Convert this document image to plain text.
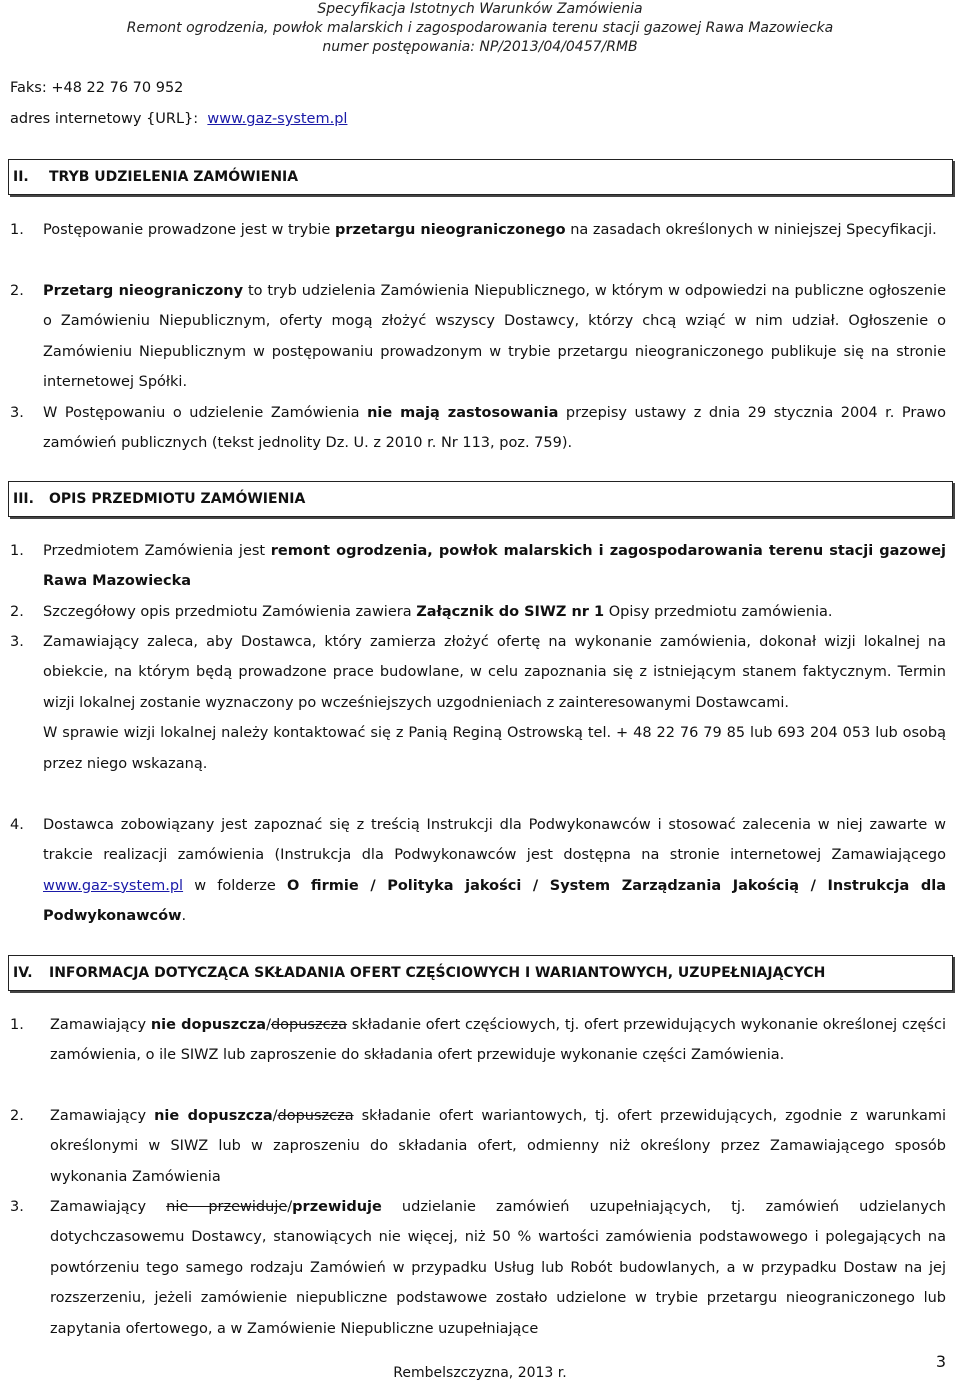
Specyfikacja Istotnych Warunków Zamówienia
Remont ogrodzenia, powłok malarskich i zagospodarowania terenu stacji gazowej Rawa Mazowiecka
numer postępowania: NP/2013/04/0457/RMB
Faks: +48 22 76 70 952
adres internetowy {URL}: www.gaz-system.pl
II.	TRYB UDZIELENIA ZAMÓWIENIA
1. Postępowanie prowadzone jest w trybie przetargu nieograniczonego na zasadach określonych w niniejszej Specyfikacji.
2. Przetarg nieograniczony to tryb udzielenia Zamówienia Niepublicznego, w którym w odpowiedzi na publiczne ogłoszenie o Zamówieniu Niepublicznym, oferty mogą złożyć wszyscy Dostawcy, którzy chcą wziąć w nim udział. Ogłoszenie o Zamówieniu Niepublicznym w postępowaniu prowadzonym w trybie przetargu nieograniczonego publikuje się na stronie internetowej Spółki.
3. W Postępowaniu o udzielenie Zamówienia nie mają zastosowania przepisy ustawy z dnia 29 stycznia 2004 r. Prawo zamówień publicznych (tekst jednolity Dz. U. z 2010 r. Nr 113, poz. 759).
III.	OPIS PRZEDMIOTU ZAMÓWIENIA
1. Przedmiotem Zamówienia jest remont ogrodzenia, powłok malarskich i zagospodarowania terenu stacji gazowej Rawa Mazowiecka
2. Szczegółowy opis przedmiotu Zamówienia zawiera Załącznik do SIWZ nr 1 Opisy przedmiotu zamówienia.
3. Zamawiający zaleca, aby Dostawca, który zamierza złożyć ofertę na wykonanie zamówienia, dokonał wizji lokalnej na obiekcie, na którym będą prowadzone prace budowlane, w celu zapoznania się z istniejącym stanem faktycznym. Termin wizji lokalnej zostanie wyznaczony po wcześniejszych uzgodnieniach z zainteresowanymi Dostawcami.
W sprawie wizji lokalnej należy kontaktować się z Panią Reginą Ostrowską tel. + 48 22 76 79 85 lub 693 204 053 lub osobą przez niego wskazaną.
4. Dostawca zobowiązany jest zapoznać się z treścią Instrukcji dla Podwykonawców i stosować zalecenia w niej zawarte w trakcie realizacji zamówienia (Instrukcja dla Podwykonawców jest dostępna na stronie internetowej Zamawiającego www.gaz-system.pl w folderze O firmie / Polityka jakości / System Zarządzania Jakością / Instrukcja dla Podwykonawców.
IV.	INFORMACJA DOTYCZĄCA SKŁADANIA OFERT CZĘŚCIOWYCH I WARIANTOWYCH, UZUPEŁNIAJĄCYCH
1. Zamawiający nie dopuszcza/dopuszcza składanie ofert częściowych, tj. ofert przewidujących wykonanie określonej części zamówienia, o ile SIWZ lub zaproszenie do składania ofert przewiduje wykonanie części Zamówienia.
2. Zamawiający nie dopuszcza/dopuszcza składanie ofert wariantowych, tj. ofert przewidujących, zgodnie z warunkami określonymi w SIWZ lub w zaproszeniu do składania ofert, odmienny niż określony przez Zamawiającego sposób wykonania Zamówienia
3. Zamawiający nie przewiduje/przewiduje udzielanie zamówień uzupełniających, tj. zamówień udzielanych dotychczasowemu Dostawcy, stanowiących nie więcej, niż 50 % wartości zamówienia podstawowego i polegających na powtórzeniu tego samego rodzaju Zamówień w przypadku Usług lub Robót budowlanych, a w przypadku Dostaw na jej rozszerzeniu, jeżeli zamówienie niepubliczne podstawowe zostało udzielone w trybie przetargu nieograniczonego lub zapytania ofertowego, a w Zamówienie Niepubliczne uzupełniające
Rembelszczyzna, 2013 r.
3
